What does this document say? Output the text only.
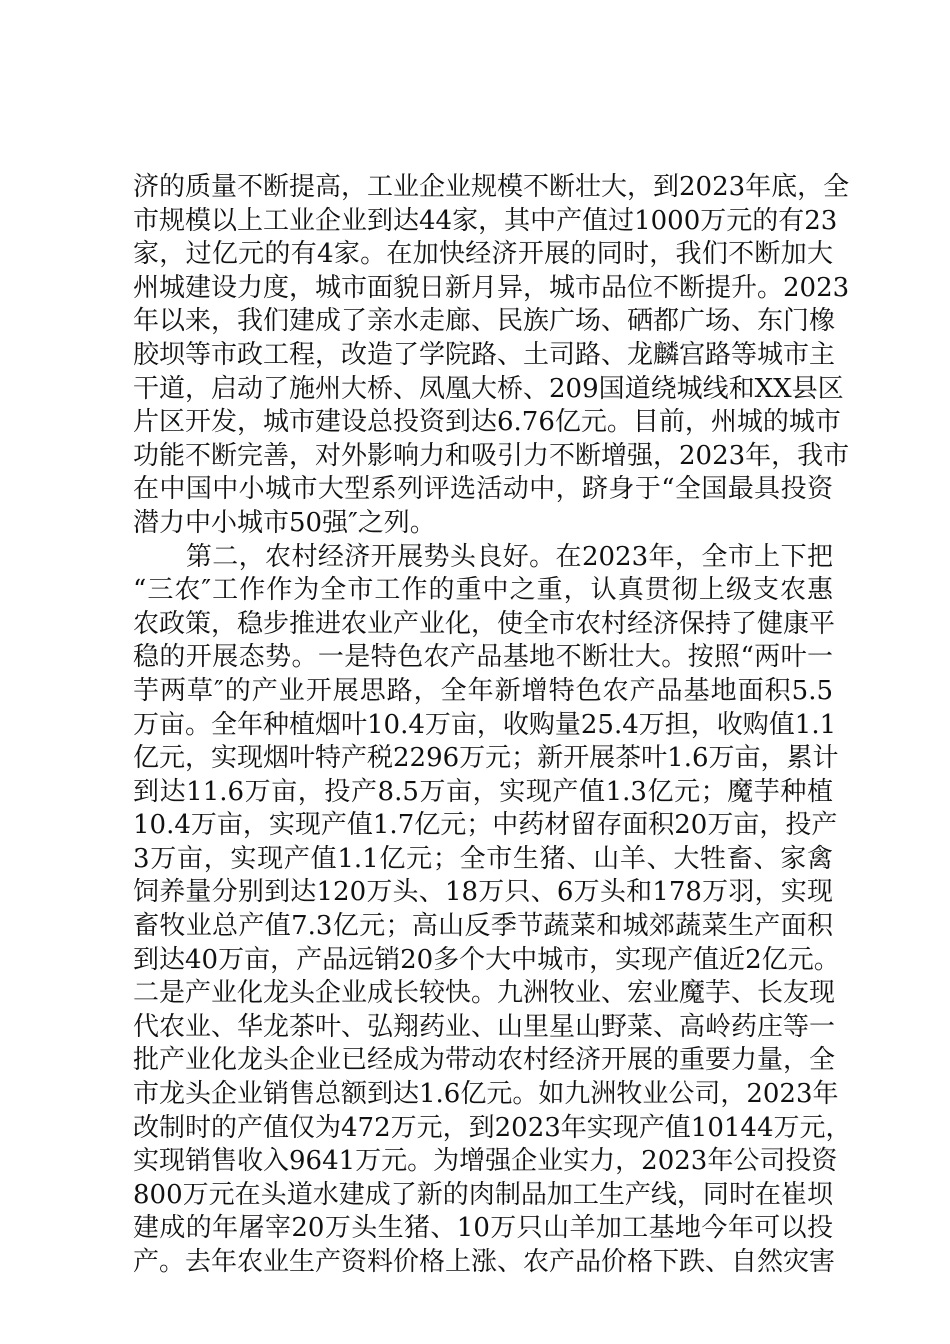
济的质量不断提高，工业企业规模不断壮大，到2023年底，全
市规模以上工业企业到达44家，其中产值过1000万元的有23
家，过亿元的有4家。在加快经济开展的同时，我们不断加大
州城建设力度，城市面貌日新月异，城市品位不断提升。2023
年以来，我们建成了亲水走廊、民族广场、硒都广场、东门橡
胶坝等市政工程，改造了学院路、土司路、龙麟宫路等城市主
干道，启动了施州大桥、凤凰大桥、209国道绕城线和XX县区
片区开发，城市建设总投资到达6.76亿元。目前，州城的城市
功能不断完善，对外影响力和吸引力不断增强，2023年，我市
在中国中小城市大型系列评选活动中，跻身于“全国最具投资
潜力中小城市50强″之列。
　　第二，农村经济开展势头良好。在2023年，全市上下把
“三农″工作作为全市工作的重中之重，认真贯彻上级支农惠
农政策，稳步推进农业产业化，使全市农村经济保持了健康平
稳的开展态势。一是特色农产品基地不断壮大。按照“两叶一
芋两草″的产业开展思路，全年新增特色农产品基地面积5.5
万亩。全年种植烟叶10.4万亩，收购量25.4万担，收购值1.1
亿元，实现烟叶特产税2296万元；新开展茶叶1.6万亩，累计
到达11.6万亩，投产8.5万亩，实现产值1.3亿元；魔芋种植
10.4万亩，实现产值1.7亿元；中药材留存面积20万亩，投产
3万亩，实现产值1.1亿元；全市生猪、山羊、大牲畜、家禽
饲养量分别到达120万头、18万只、6万头和178万羽，实现
畜牧业总产值7.3亿元；高山反季节蔬菜和城郊蔬菜生产面积
到达40万亩，产品远销20多个大中城市，实现产值近2亿元。
二是产业化龙头企业成长较快。九洲牧业、宏业魔芋、长友现
代农业、华龙茶叶、弘翔药业、山里星山野菜、高岭药庄等一
批产业化龙头企业已经成为带动农村经济开展的重要力量，全
市龙头企业销售总额到达1.6亿元。如九洲牧业公司，2023年
改制时的产值仅为472万元，到2023年实现产值10144万元，
实现销售收入9641万元。为增强企业实力，2023年公司投资
800万元在头道水建成了新的肉制品加工生产线，同时在崔坝
建成的年屠宰20万头生猪、10万只山羊加工基地今年可以投
产。去年农业生产资料价格上涨、农产品价格下跌、自然灾害
